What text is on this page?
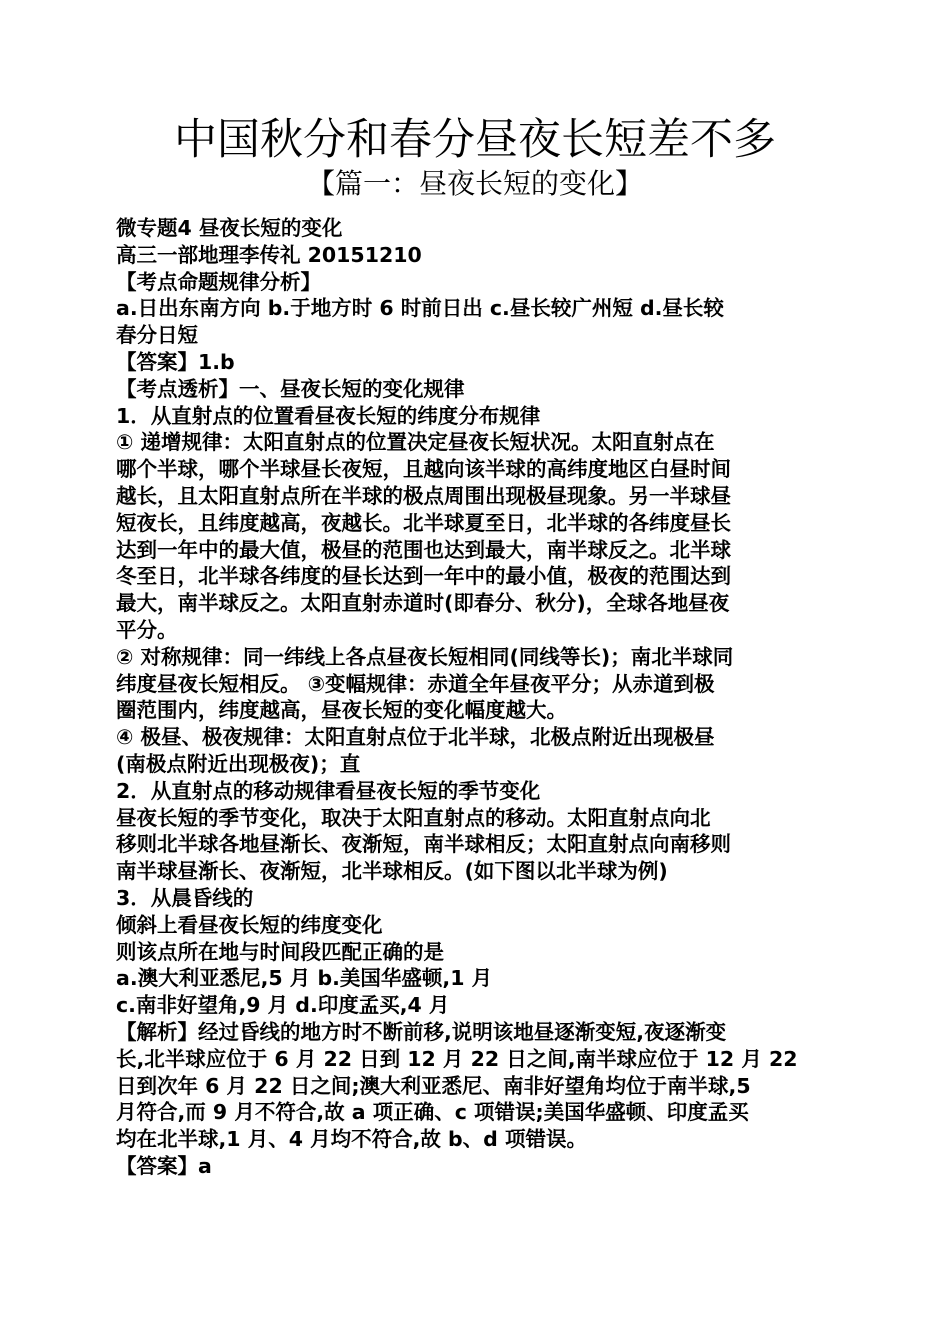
中国秋分和春分昼夜长短差不多
【篇一：昼夜长短的变化】
微专题4 昼夜长短的变化
高三一部地理李传礼 20151210
【考点命题规律分析】
a.日出东南方向 b.于地方时 6 时前日出 c.昼长较广州短 d.昼长较
春分日短
【答案】1.b
【考点透析】一、昼夜长短的变化规律
1．从直射点的位置看昼夜长短的纬度分布规律
① 递增规律：太阳直射点的位置决定昼夜长短状况。太阳直射点在
哪个半球，哪个半球昼长夜短，且越向该半球的高纬度地区白昼时间
越长，且太阳直射点所在半球的极点周围出现极昼现象。另一半球昼
短夜长，且纬度越高，夜越长。北半球夏至日，北半球的各纬度昼长
达到一年中的最大值，极昼的范围也达到最大，南半球反之。北半球
冬至日，北半球各纬度的昼长达到一年中的最小值，极夜的范围达到
最大，南半球反之。太阳直射赤道时(即春分、秋分)，全球各地昼夜
平分。
② 对称规律：同一纬线上各点昼夜长短相同(同线等长)；南北半球同
纬度昼夜长短相反。 ③变幅规律：赤道全年昼夜平分；从赤道到极
圈范围内，纬度越高，昼夜长短的变化幅度越大。
④ 极昼、极夜规律：太阳直射点位于北半球，北极点附近出现极昼
(南极点附近出现极夜)；直
2．从直射点的移动规律看昼夜长短的季节变化
昼夜长短的季节变化，取决于太阳直射点的移动。太阳直射点向北
移则北半球各地昼渐长、夜渐短，南半球相反；太阳直射点向南移则
南半球昼渐长、夜渐短，北半球相反。(如下图以北半球为例)
3．从晨昏线的
倾斜上看昼夜长短的纬度变化
则该点所在地与时间段匹配正确的是
a.澳大利亚悉尼,5 月 b.美国华盛顿,1 月
c.南非好望角,9 月 d.印度孟买,4 月
【解析】经过昏线的地方时不断前移,说明该地昼逐渐变短,夜逐渐变
长,北半球应位于 6 月 22 日到 12 月 22 日之间,南半球应位于 12 月 22
日到次年 6 月 22 日之间;澳大利亚悉尼、南非好望角均位于南半球,5
月符合,而 9 月不符合,故 a 项正确、c 项错误;美国华盛顿、印度孟买
均在北半球,1 月、4 月均不符合,故 b、d 项错误。
【答案】a
